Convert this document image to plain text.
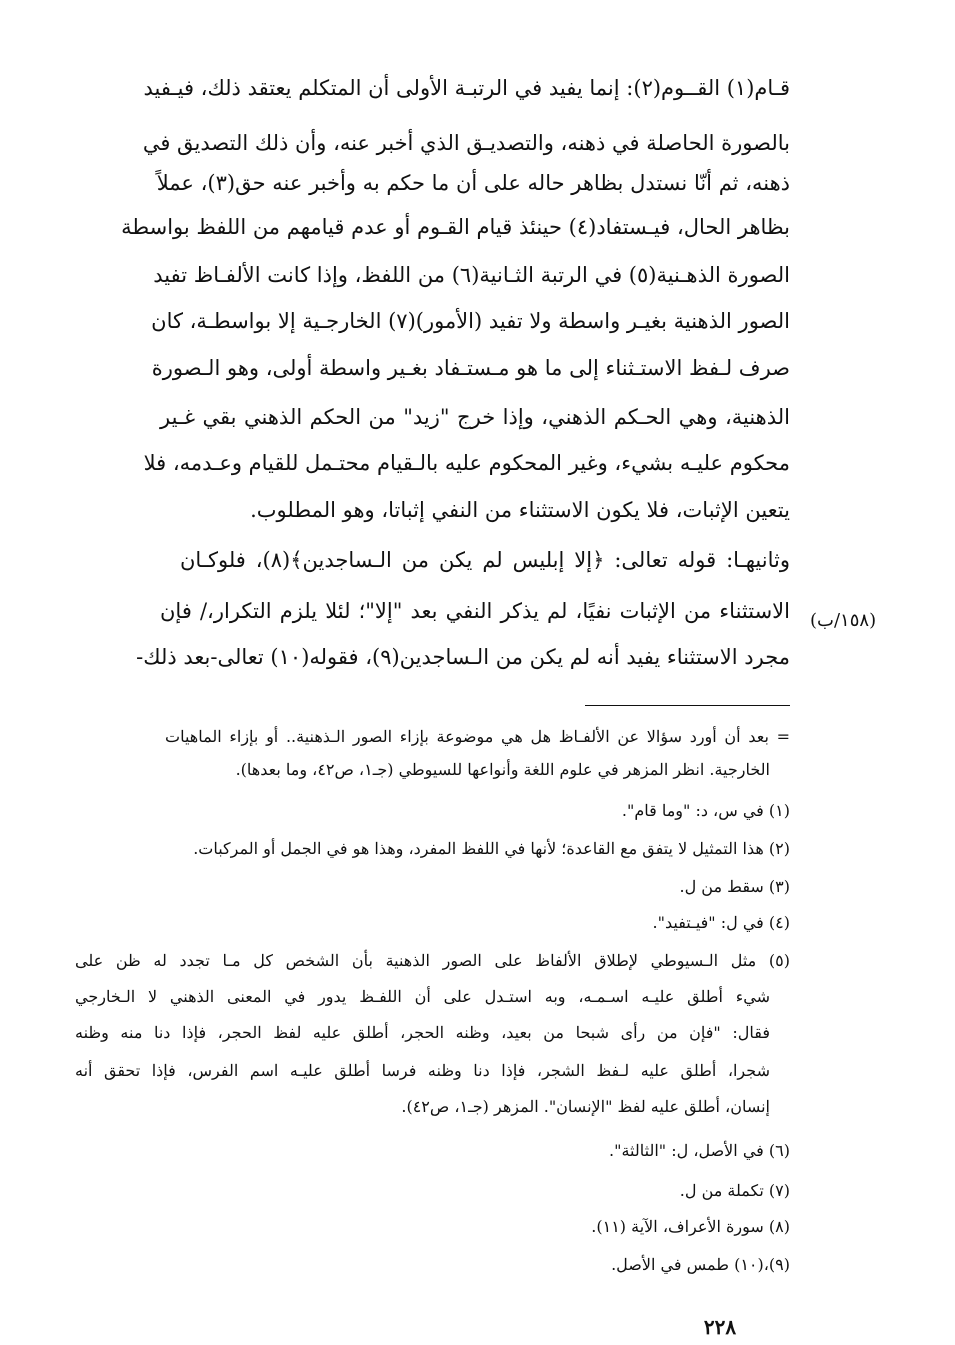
قـام(١) القــوم(٢): إنما يفيد في الرتبـة الأولى أن المتكلم يعتقد ذلك، فيـفيد
بالصورة الحاصلة في ذهنه، والتصديـق الذي أخبر عنه، وأن ذلك التصديق في
ذهنه، ثم أنّا نستدل بظاهر حاله على أن ما حكم به وأخبر عنه حق(٣)، عملاً
بظاهر الحال، فيـستفاد(٤) حينئذ قيام القـوم أو عدم قيامهم من اللفظ بواسطة
الصورة الذهـنية(٥) في الرتبة الثـانية(٦) من اللفظ، وإذا كانت الألفـاظ تفيد
الصور الذهنية بغيـر واسطة ولا تفيد (الأمور)(٧) الخارجـية إلا بواسطـة، كان
صرف لـفظ الاستـثناء إلى ما هو مـستـفاد بغـير واسطة أولى، وهو الـصورة
الذهنية، وهي الحـكم الذهني، وإذا خرج "زيد" من الحكم الذهني بقي غـير
محكوم عليـه بشيء، وغير المحكوم عليه بالـقيام محتـمل للقيام وعـدمه، فلا
يتعين الإثبات، فلا يكون الاستثناء من النفي إثباتا، وهو المطلوب.
وثانيهـا: قوله تعالى: ﴿إلا إبليس لم يكن من الـساجدين﴾(٨)، فلوكـان
الاستثناء من الإثبات نفيًا، لم يذكر النفي بعد "إلا"؛ لئلا يلزم التكرار،/ فإن
مجرد الاستثناء يفيد أنه لم يكن من الـساجدين(٩)، فقوله(١٠) تعالى-بعد ذلك-
(١٥٨/ب)
= بعد أن أورد سؤالا عن الألفـاظ هل هي موضوعة بإزاء الصور الـذهنية.. أو بإزاء الماهيات
الخارجية. انظر المزهر في علوم اللغة وأنواعها للسيوطي (جـ١، ص٤٢، وما بعدها).
(١) في س، د: "وما قام".
(٢) هذا التمثيل لا يتفق مع القاعدة؛ لأنها في اللفظ المفرد، وهذا هو في الجمل أو المركبات.
(٣) سقط من ل.
(٤) في ل: "فيـتفيد".
(٥) مثل الـسيوطي لإطلاق الألفاظ على الصور الذهنية بأن الشخص كل مـا تجدد له ظن على
شيء أطلق عليـه اسـمـه، وبه استـدل على أن اللفـظ يدور في المعنى الذهني لا الـخارجي
فقال: "فإن من رأى شبحا من بعيد، وظنه الحجر، أطلق عليه لفظ الحجر، فإذا دنا منه وظنه
شجرا، أطلق عليه لـفظ الشجر، فإذا دنا وظنه فرسا أطلق عليـه اسم الفرس، فإذا تحقق أنه
إنسان، أطلق عليه لفظ "الإنسان". المزهر (جـ١، ص٤٢).
(٦) في الأصل، ل: "الثالثة".
(٧) تكملة من ل.
(٨) سورة الأعراف، الآية (١١).
(٩)،(١٠) طمس في الأصل.
٢٢٨
